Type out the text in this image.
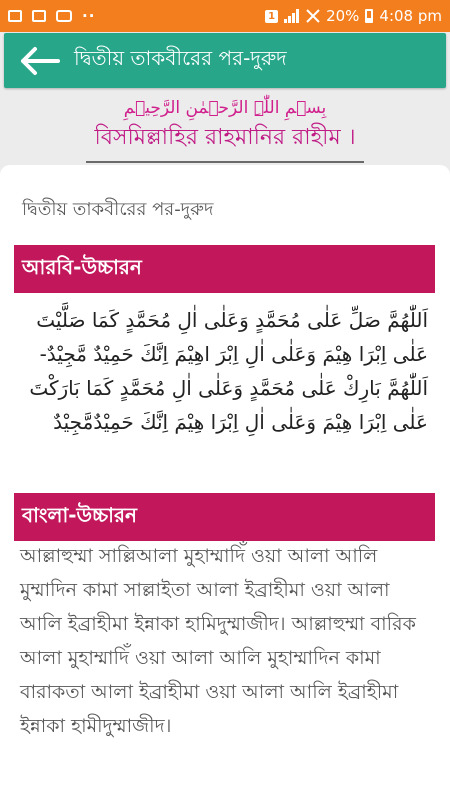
··	1	20% 4:08 pm
দ্বিতীয় তাকবীরের পর-দুরুদ
بِسۡمِ اللّٰہِ الرَّحۡمٰنِ الرَّحِیۡمِ
বিসমিল্লাহির রাহমানির রাহীম ।
দ্বিতীয় তাকবীরের পর-দুরুদ
আরবি-উচ্চারন
اَللّٰهُمَّ صَلِّ عَلٰى مُحَمَّدٍ وَعَلٰى اٰلِ مُحَمَّدٍ كَمَا صَلَّيْتَ عَلٰى اِبْرَا هِيْمَ وَعَلٰى اٰلِ اِبْرَ اهِيْمَ اِنَّكَ حَمِيْدٌ مَّجِيْدٌ- اَللّٰهُمَّ بَارِكْ عَلٰى مُحَمَّدٍ وَعَلٰى اٰلِ مُحَمَّدٍ كَمَا بَارَكْتَ عَلٰى اِبْرَا هِيْمَ وَعَلٰى اٰلِ اِبْرَا هِيْمَ اِنَّكَ حَمِيْدٌمَّجِيْدٌ
বাংলা-উচ্চারন
আল্লাহুম্মা সাল্লিআলা মুহাম্মাদিঁ ওয়া আলা আলি মুম্মাদিন কামা সাল্লাইতা আলা ইব্রাহীমা ওয়া আলা আলি ইব্রাহীমা ইন্নাকা হামিদুম্মাজীদ। আল্লাহুম্মা বারিক আলা মুহাম্মাদিঁ ওয়া আলা আলি মুহাম্মাদিন কামা বারাকতা আলা ইব্রাহীমা ওয়া আলা আলি ইব্রাহীমা ইন্নাকা হামীদুম্মাজীদ।
